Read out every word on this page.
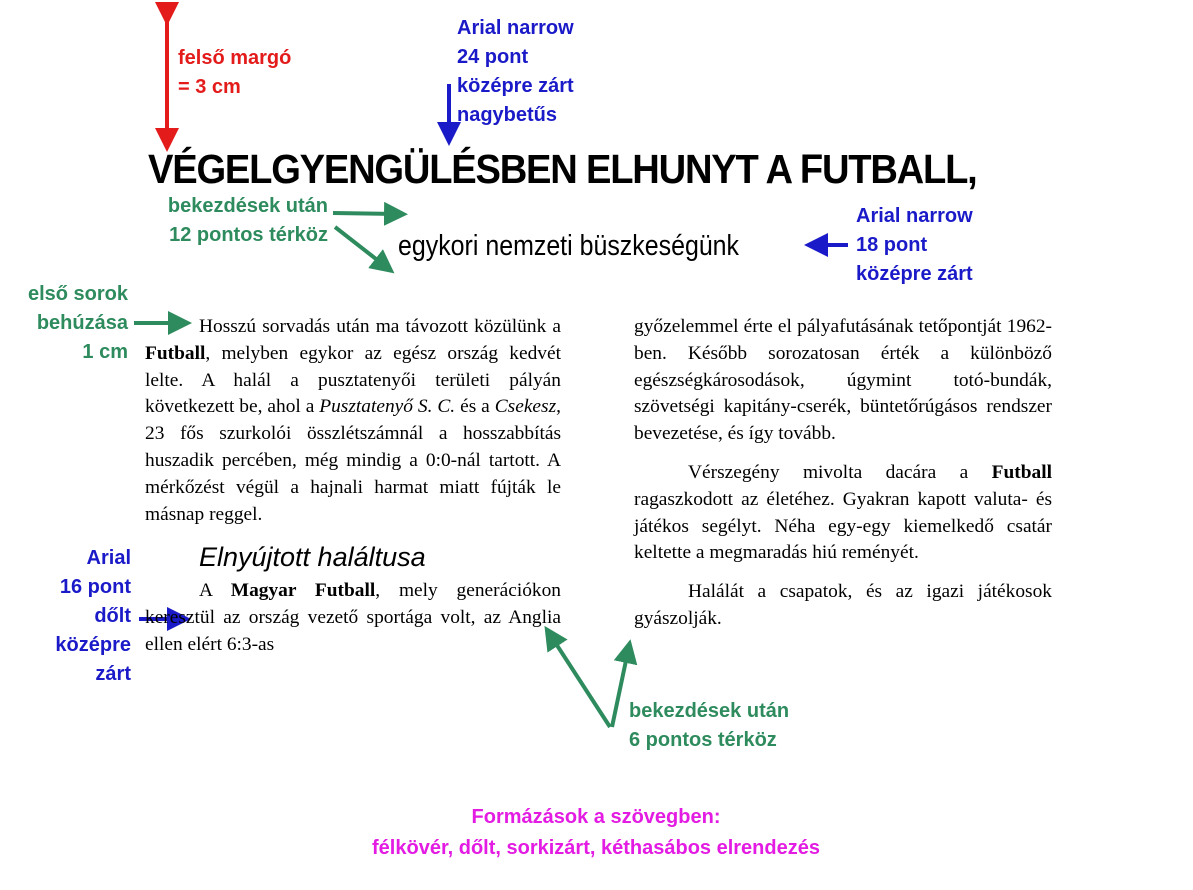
felső margó
= 3 cm
Arial narrow
24 pont
középre zárt
nagybetűs
bekezdések után
12 pontos térköz
Arial narrow
18 pont
középre zárt
első sorok
behúzása
1 cm
Arial
16 pont
dőlt
középre
zárt
bekezdések után
6 pontos térköz
Formázások a szövegben:
félkövér, dőlt, sorkizárt, kéthasábos elrendezés
VÉGELGYENGÜLÉSBEN ELHUNYT A FUTBALL,
egykori nemzeti büszkeségünk

Hosszú sorvadás után ma távozott közülünk a Futball, melyben egykor az egész ország kedvét lelte. A halál a pusztatenyői területi pályán következett be, ahol a Pusztatenyő S. C. és a Csekesz, 23 fős szurkolói összlétszámnál a hosszabbítás huszadik percében, még mindig a 0:0-nál tartott. A mérkőzést végül a hajnali harmat miatt fújták le másnap reggel.

Elnyújtott haláltusa

A Magyar Futball, mely generációkon keresztül az ország vezető sportága volt, az Anglia ellen elért 6:3-as

győzelemmel érte el pályafutásának tetőpontját 1962-ben. Később sorozatosan érték a különböző egészségkárosodások, úgymint totó-bundák, szövetségi kapitány-cserék, büntetőrúgásos rendszer bevezetése, és így tovább.

Vérszegény mivolta dacára a Futball ragaszkodott az életéhez. Gyakran kapott valuta- és játékos segélyt. Néha egy-egy kiemelkedő csatár keltette a megmaradás hiú reményét.

Halálát a csapatok, és az igazi játékosok gyászolják.
